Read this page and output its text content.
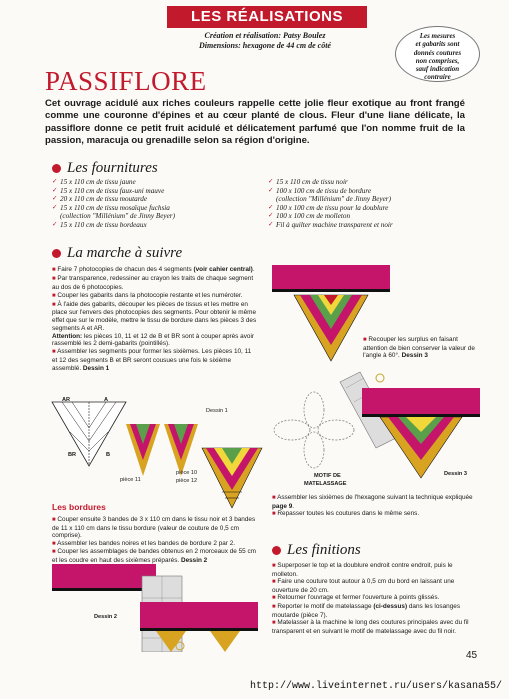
LES RÉALISATIONS
Création et réalisation: Patsy Boulez
Dimensions: hexagone de 44 cm de côté
Les mesures
et gabarits sont
donnés coutures
non comprises,
sauf indication
contraire
PASSIFLORE
Cet ouvrage acidulé aux riches couleurs rappelle cette jolie fleur exotique au front frangé comme une couronne d'épines et au cœur planté de clous. Fleur d'une liane délicate, la passiflore donne ce petit fruit acidulé et délicatement parfumé que l'on nomme fruit de la passion, maracuja ou grenadille selon sa région d'origine.
Les fournitures
✓ 15 x 110 cm de tissu jaune
✓ 15 x 110 cm de tissu faux-uni mauve
✓ 20 x 110 cm de tissu moutarde
✓ 15 x 110 cm de tissu mosaïque fuchsia
(collection "Millénium" de Jinny Beyer)
✓ 15 x 110 cm de tissu bordeaux
✓ 15 x 110 cm de tissu noir
✓ 100 x 100 cm de tissu de bordure
(collection "Millénium" de Jinny Beyer)
✓ 100 x 100 cm de tissu pour la doublure
✓ 100 x 100 cm de molleton
✓ Fil à quilter machine transparent et noir
La marche à suivre

■ Faire 7 photocopies de chacun des 4 segments (voir cahier central).

■ Par transparence, redessiner au crayon les traits de chaque segment au dos de 6 photocopies.

■ Couper les gabarits dans la photocopie restante et les numéroter.

■ À l'aide des gabarits, découper les pièces de tissus et les mettre en place sur l'envers des photocopies des segments. Pour obtenir le même effet que sur le modèle, mettre le tissu de bordure dans les pièces 3 des segments A et AR.

Attention: les pièces 10, 11 et 12 de B et BR sont à couper après avoir rassemblé les 2 demi-gabarits (pointillés).

■ Assembler les segments pour former les sixièmes. Les pièces 10, 11 et 12 des segments B et BR seront cousues une fois le sixième assemblé. Dessin 1

AR	A
BR	B
Dessin 1
pièce 10
pièce 11	pièce 12
■ Recouper les surplus en faisant attention de bien conserver la valeur de l'angle à 60°. Dessin 3
MOTIF DE
MATELASSAGE
Dessin 3

■ Assembler les sixièmes de l'hexagone suivant la technique expliquée page 9.

■ Repasser toutes les coutures dans le même sens.

Les bordures

■ Couper ensuite 3 bandes de 3 x 110 cm dans le tissu noir et 3 bandes de 11 x 110 cm dans le tissu bordure (valeur de couture de 0,5 cm comprise).

■ Assembler les bandes noires et les bandes de bordure 2 par 2.

■ Couper les assemblages de bandes obtenus en 2 morceaux de 55 cm et les coudre en haut des sixièmes préparés. Dessin 2

Dessin 2
Les finitions

■ Superposer le top et la doublure endroit contre endroit, puis le molleton.

■ Faire une couture tout autour à 0,5 cm du bord en laissant une ouverture de 20 cm.

■ Retourner l'ouvrage et fermer l'ouverture à points glissés.

■ Reporter le motif de matelassage (ci-dessus) dans les losanges moutarde (pièce 7).

■ Matelasser à la machine le long des coutures principales avec du fil transparent et en suivant le motif de matelassage avec du fil noir.

45
http://www.liveinternet.ru/users/kasana55/
